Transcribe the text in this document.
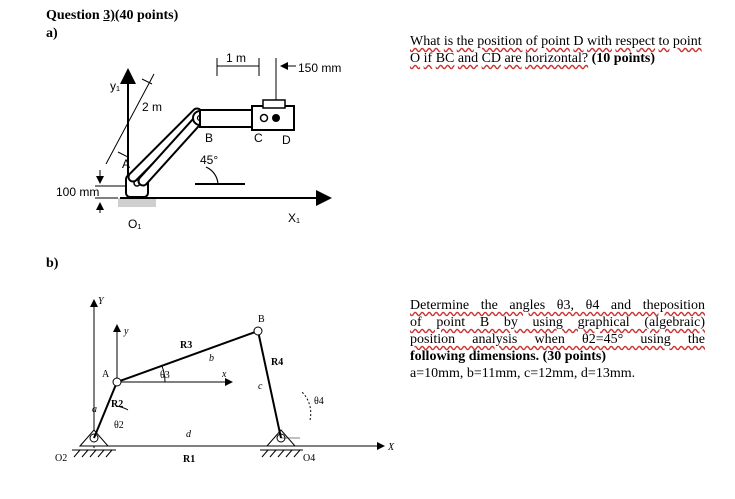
Question 3)(40 points)
a)
b)
What is the position of point D with respect to point O if BC and CD are horizontal? (10 points)
Determine the angles θ3, θ4 and theposition
of point B by using graphical (algebraic)
position analysis when θ2=45° using the
following dimensions. (30 points)
a=10mm, b=11mm, c=12mm, d=13mm.
1 m
150 mm
y₁
2 m
A
B	C D
45°
100 mm
O₁	X₁
Y
y
B
R3
b	R4
A	θ3	x
c
θ4
a R2
θ2
d
O2	R1	O4
X
